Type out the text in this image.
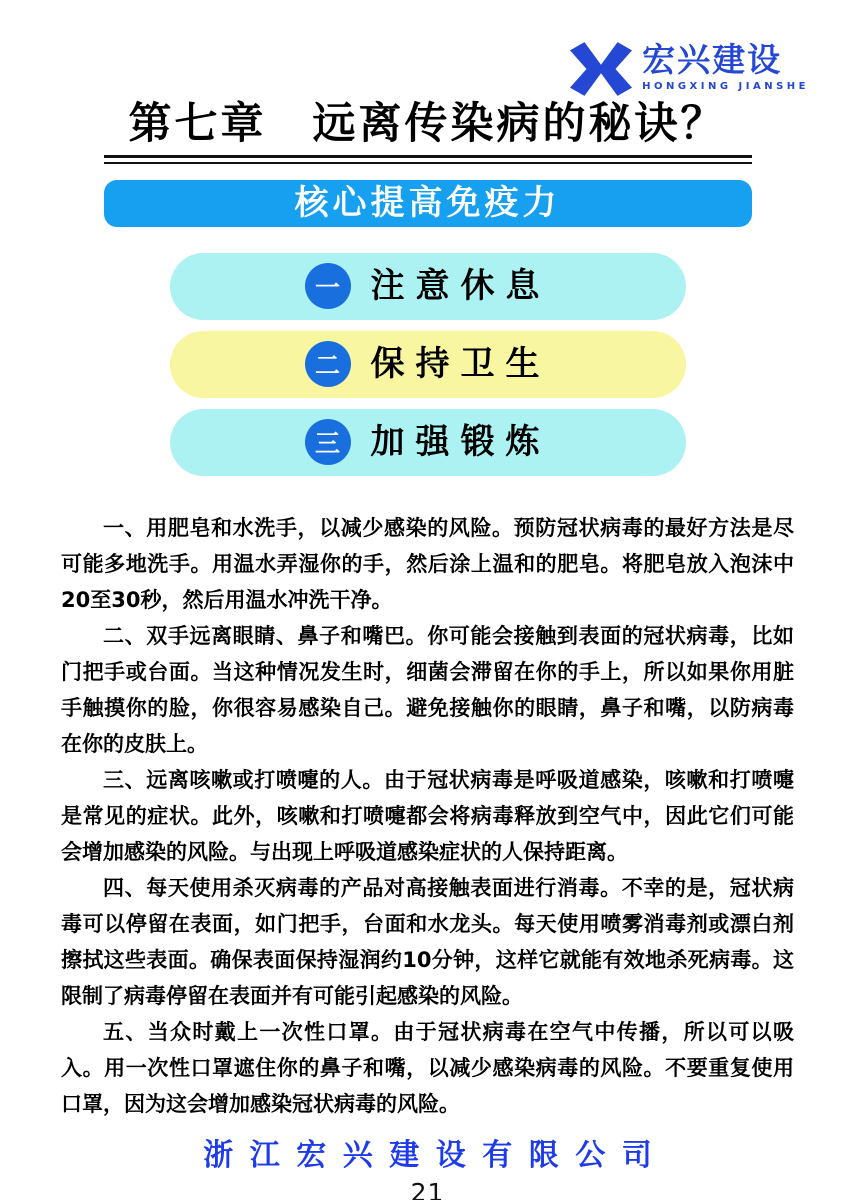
宏兴建设
HONGXING JIANSHE
第七章　远离传染病的秘诀？
核心提高免疫力
一 注意休息
二 保持卫生
三 加强锻炼

一、用肥皂和水洗手，以减少感染的风险。预防冠状病毒的最好方法是尽可能多地洗手。用温水弄湿你的手，然后涂上温和的肥皂。将肥皂放入泡沫中20至30秒，然后用温水冲洗干净。

二、双手远离眼睛、鼻子和嘴巴。你可能会接触到表面的冠状病毒，比如门把手或台面。当这种情况发生时，细菌会滞留在你的手上，所以如果你用脏手触摸你的脸，你很容易感染自己。避免接触你的眼睛，鼻子和嘴，以防病毒在你的皮肤上。

三、远离咳嗽或打喷嚏的人。由于冠状病毒是呼吸道感染，咳嗽和打喷嚏是常见的症状。此外，咳嗽和打喷嚏都会将病毒释放到空气中，因此它们可能会增加感染的风险。与出现上呼吸道感染症状的人保持距离。

四、每天使用杀灭病毒的产品对高接触表面进行消毒。不幸的是，冠状病毒可以停留在表面，如门把手，台面和水龙头。每天使用喷雾消毒剂或漂白剂擦拭这些表面。确保表面保持湿润约10分钟，这样它就能有效地杀死病毒。这限制了病毒停留在表面并有可能引起感染的风险。

五、当众时戴上一次性口罩。由于冠状病毒在空气中传播，所以可以吸入。用一次性口罩遮住你的鼻子和嘴，以减少感染病毒的风险。不要重复使用口罩，因为这会增加感染冠状病毒的风险。

浙江宏兴建设有限公司
21
